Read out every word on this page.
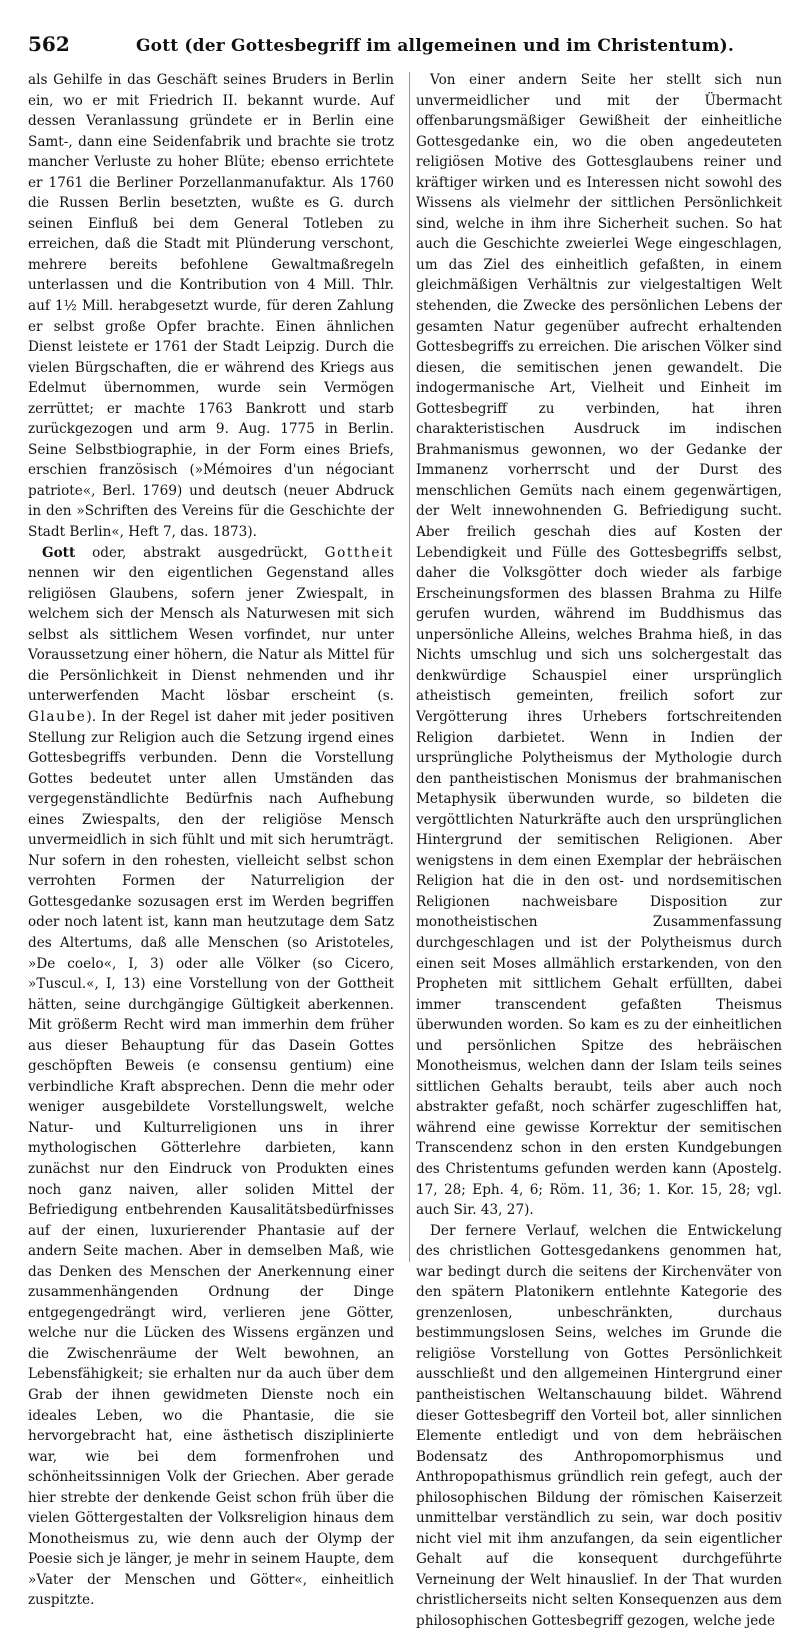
562	Gott (der Gottesbegriff im allgemeinen und im Christentum).

als Gehilfe in das Geschäft seines Bruders in Berlin ein, wo er mit Friedrich II. bekannt wurde. Auf dessen Veranlassung gründete er in Berlin eine Samt-, dann eine Seidenfabrik und brachte sie trotz mancher Verluste zu hoher Blüte; ebenso errichtete er 1761 die Berliner Porzellanmanufaktur. Als 1760 die Russen Berlin besetzten, wußte es G. durch seinen Einfluß bei dem General Totleben zu erreichen, daß die Stadt mit Plünderung verschont, mehrere bereits befohlene Gewaltmaßregeln unterlassen und die Kontribution von 4 Mill. Thlr. auf 1½ Mill. herabgesetzt wurde, für deren Zahlung er selbst große Opfer brachte. Einen ähnlichen Dienst leistete er 1761 der Stadt Leipzig. Durch die vielen Bürgschaften, die er während des Kriegs aus Edelmut übernommen, wurde sein Vermögen zerrüttet; er machte 1763 Bankrott und starb zurückgezogen und arm 9. Aug. 1775 in Berlin. Seine Selbstbiographie, in der Form eines Briefs, erschien französisch (»Mémoires d'un négociant patriote«, Berl. 1769) und deutsch (neuer Abdruck in den »Schriften des Vereins für die Geschichte der Stadt Berlin«, Heft 7, das. 1873).

Gott oder, abstrakt ausgedrückt, Gottheit nennen wir den eigentlichen Gegenstand alles religiösen Glaubens, sofern jener Zwiespalt, in welchem sich der Mensch als Naturwesen mit sich selbst als sittlichem Wesen vorfindet, nur unter Voraussetzung einer höhern, die Natur als Mittel für die Persönlichkeit in Dienst nehmenden und ihr unterwerfenden Macht lösbar erscheint (s. Glaube). In der Regel ist daher mit jeder positiven Stellung zur Religion auch die Setzung irgend eines Gottesbegriffs verbunden. Denn die Vorstellung Gottes bedeutet unter allen Umständen das vergegenständlichte Bedürfnis nach Aufhebung eines Zwiespalts, den der religiöse Mensch unvermeidlich in sich fühlt und mit sich herumträgt. Nur sofern in den rohesten, vielleicht selbst schon verrohten Formen der Naturreligion der Gottesgedanke sozusagen erst im Werden begriffen oder noch latent ist, kann man heutzutage dem Satz des Altertums, daß alle Menschen (so Aristoteles, »De coelo«, I, 3) oder alle Völker (so Cicero, »Tuscul.«, I, 13) eine Vorstellung von der Gottheit hätten, seine durchgängige Gültigkeit aberkennen. Mit größerm Recht wird man immerhin dem früher aus dieser Behauptung für das Dasein Gottes geschöpften Beweis (e consensu gentium) eine verbindliche Kraft absprechen. Denn die mehr oder weniger ausgebildete Vorstellungswelt, welche Natur- und Kulturreligionen uns in ihrer mythologischen Götterlehre darbieten, kann zunächst nur den Eindruck von Produkten eines noch ganz naiven, aller soliden Mittel der Befriedigung entbehrenden Kausalitätsbedürfnisses auf der einen, luxurierender Phantasie auf der andern Seite machen. Aber in demselben Maß, wie das Denken des Menschen der Anerkennung einer zusammenhängenden Ordnung der Dinge entgegengedrängt wird, verlieren jene Götter, welche nur die Lücken des Wissens ergänzen und die Zwischenräume der Welt bewohnen, an Lebensfähigkeit; sie erhalten nur da auch über dem Grab der ihnen gewidmeten Dienste noch ein ideales Leben, wo die Phantasie, die sie hervorgebracht hat, eine ästhetisch disziplinierte war, wie bei dem formenfrohen und schönheitssinnigen Volk der Griechen. Aber gerade hier strebte der denkende Geist schon früh über die vielen Göttergestalten der Volksreligion hinaus dem Monotheismus zu, wie denn auch der Olymp der Poesie sich je länger, je mehr in seinem Haupte, dem »Vater der Menschen und Götter«, einheitlich zuspitzte.

Von einer andern Seite her stellt sich nun unvermeidlicher und mit der Übermacht offenbarungsmäßiger Gewißheit der einheitliche Gottesgedanke ein, wo die oben angedeuteten religiösen Motive des Gottesglaubens reiner und kräftiger wirken und es Interessen nicht sowohl des Wissens als vielmehr der sittlichen Persönlichkeit sind, welche in ihm ihre Sicherheit suchen. So hat auch die Geschichte zweierlei Wege eingeschlagen, um das Ziel des einheitlich gefaßten, in einem gleichmäßigen Verhältnis zur vielgestaltigen Welt stehenden, die Zwecke des persönlichen Lebens der gesamten Natur gegenüber aufrecht erhaltenden Gottesbegriffs zu erreichen. Die arischen Völker sind diesen, die semitischen jenen gewandelt. Die indogermanische Art, Vielheit und Einheit im Gottesbegriff zu verbinden, hat ihren charakteristischen Ausdruck im indischen Brahmanismus gewonnen, wo der Gedanke der Immanenz vorherrscht und der Durst des menschlichen Gemüts nach einem gegenwärtigen, der Welt innewohnenden G. Befriedigung sucht. Aber freilich geschah dies auf Kosten der Lebendigkeit und Fülle des Gottesbegriffs selbst, daher die Volksgötter doch wieder als farbige Erscheinungsformen des blassen Brahma zu Hilfe gerufen wurden, während im Buddhismus das unpersönliche Alleins, welches Brahma hieß, in das Nichts umschlug und sich uns solchergestalt das denkwürdige Schauspiel einer ursprünglich atheistisch gemeinten, freilich sofort zur Vergötterung ihres Urhebers fortschreitenden Religion darbietet. Wenn in Indien der ursprüngliche Polytheismus der Mythologie durch den pantheistischen Monismus der brahmanischen Metaphysik überwunden wurde, so bildeten die vergöttlichten Naturkräfte auch den ursprünglichen Hintergrund der semitischen Religionen. Aber wenigstens in dem einen Exemplar der hebräischen Religion hat die in den ost- und nordsemitischen Religionen nachweisbare Disposition zur monotheistischen Zusammenfassung durchgeschlagen und ist der Polytheismus durch einen seit Moses allmählich erstarkenden, von den Propheten mit sittlichem Gehalt erfüllten, dabei immer transcendent gefaßten Theismus überwunden worden. So kam es zu der einheitlichen und persönlichen Spitze des hebräischen Monotheismus, welchen dann der Islam teils seines sittlichen Gehalts beraubt, teils aber auch noch abstrakter gefaßt, noch schärfer zugeschliffen hat, während eine gewisse Korrektur der semitischen Transcendenz schon in den ersten Kundgebungen des Christentums gefunden werden kann (Apostelg. 17, 28; Eph. 4, 6; Röm. 11, 36; 1. Kor. 15, 28; vgl. auch Sir. 43, 27).

Der fernere Verlauf, welchen die Entwickelung des christlichen Gottesgedankens genommen hat, war bedingt durch die seitens der Kirchenväter von den spätern Platonikern entlehnte Kategorie des grenzenlosen, unbeschränkten, durchaus bestimmungslosen Seins, welches im Grunde die religiöse Vorstellung von Gottes Persönlichkeit ausschließt und den allgemeinen Hintergrund einer pantheistischen Weltanschauung bildet. Während dieser Gottesbegriff den Vorteil bot, aller sinnlichen Elemente entledigt und von dem hebräischen Bodensatz des Anthropomorphismus und Anthropopathismus gründlich rein gefegt, auch der philosophischen Bildung der römischen Kaiserzeit unmittelbar verständlich zu sein, war doch positiv nicht viel mit ihm anzufangen, da sein eigentlicher Gehalt auf die konsequent durchgeführte Verneinung der Welt hinauslief. In der That wurden christlicherseits nicht selten Konsequenzen aus dem philosophischen Gottesbegriff gezogen, welche jede
